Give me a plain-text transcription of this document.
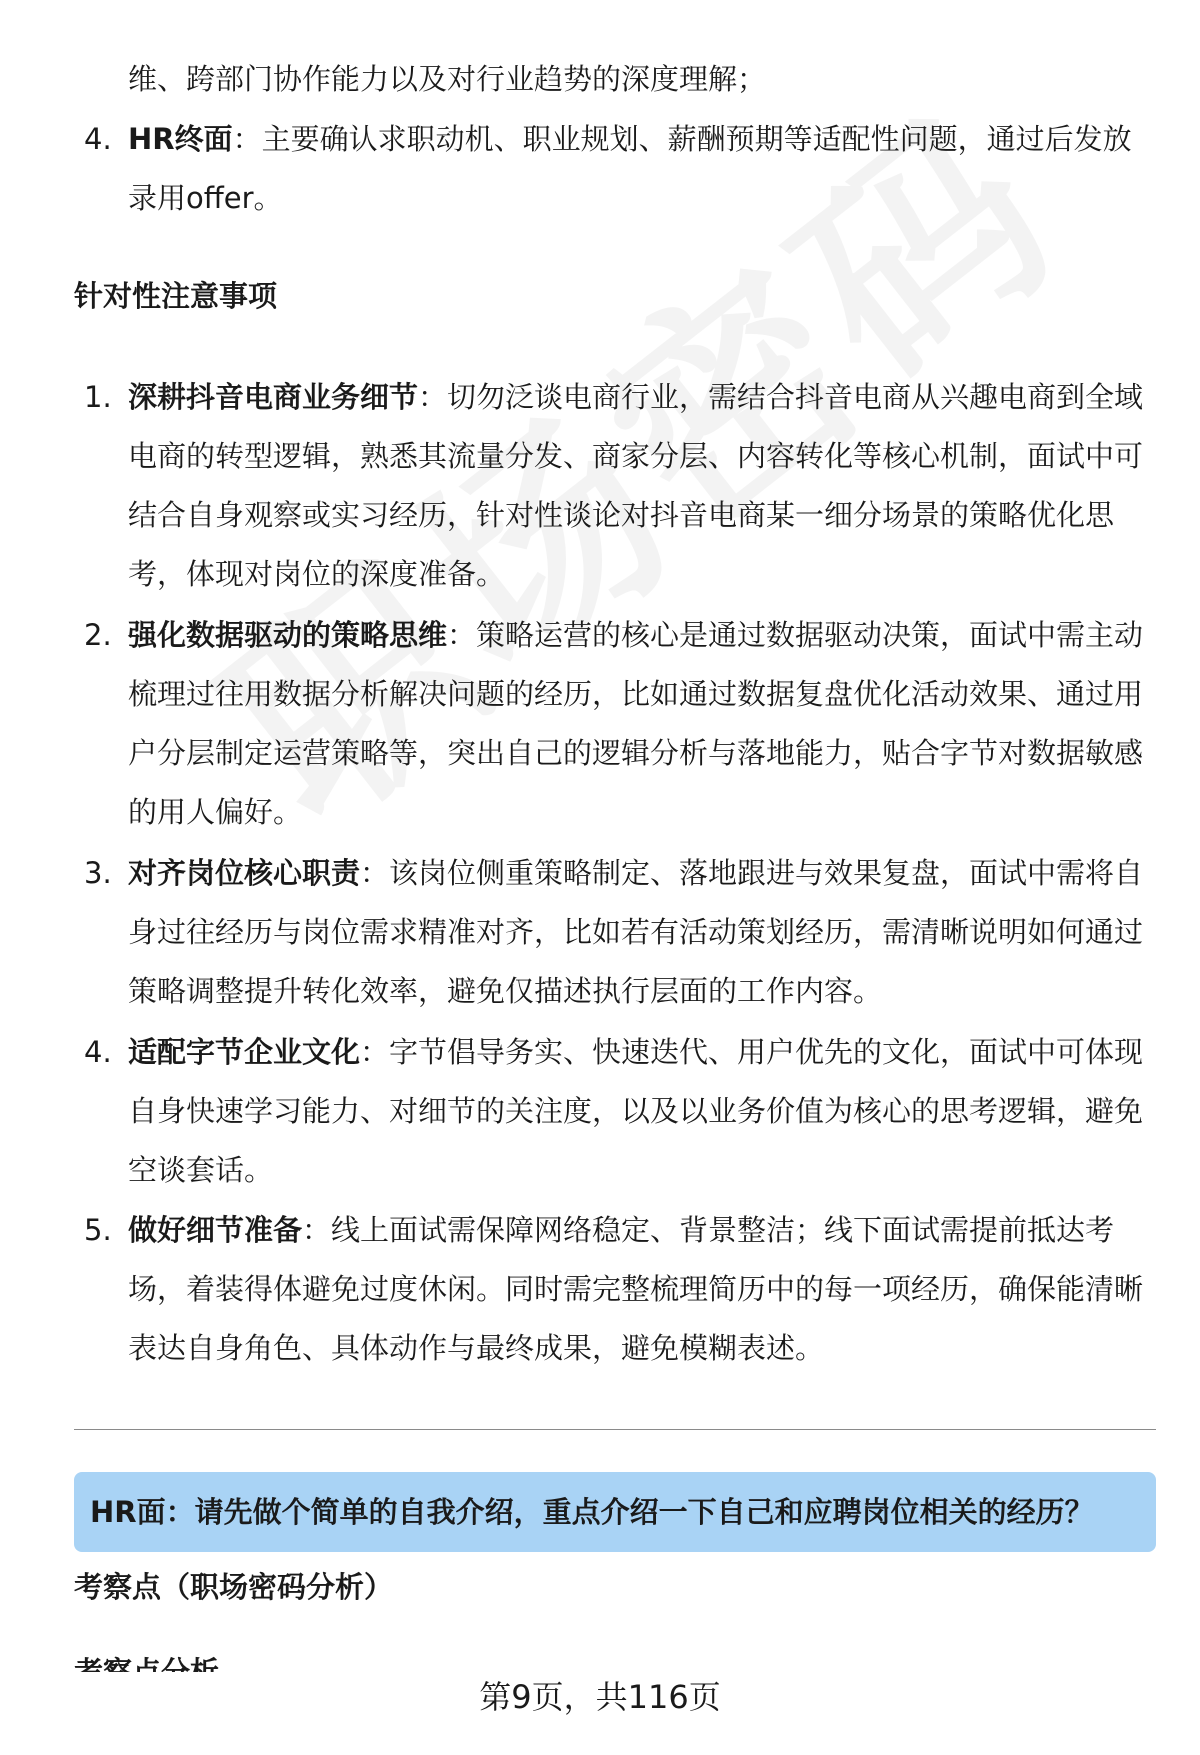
维、跨部门协作能力以及对行业趋势的深度理解；
4. HR终面：主要确认求职动机、职业规划、薪酬预期等适配性问题，通过后发放录用offer。
针对性注意事项
1. 深耕抖音电商业务细节：切勿泛谈电商行业，需结合抖音电商从兴趣电商到全域电商的转型逻辑，熟悉其流量分发、商家分层、内容转化等核心机制，面试中可结合自身观察或实习经历，针对性谈论对抖音电商某一细分场景的策略优化思考，体现对岗位的深度准备。
2. 强化数据驱动的策略思维：策略运营的核心是通过数据驱动决策，面试中需主动梳理过往用数据分析解决问题的经历，比如通过数据复盘优化活动效果、通过用户分层制定运营策略等，突出自己的逻辑分析与落地能力，贴合字节对数据敏感的用人偏好。
3. 对齐岗位核心职责：该岗位侧重策略制定、落地跟进与效果复盘，面试中需将自身过往经历与岗位需求精准对齐，比如若有活动策划经历，需清晰说明如何通过策略调整提升转化效率，避免仅描述执行层面的工作内容。
4. 适配字节企业文化：字节倡导务实、快速迭代、用户优先的文化，面试中可体现自身快速学习能力、对细节的关注度，以及以业务价值为核心的思考逻辑，避免空谈套话。
5. 做好细节准备：线上面试需保障网络稳定、背景整洁；线下面试需提前抵达考场，着装得体避免过度休闲。同时需完整梳理简历中的每一项经历，确保能清晰表达自身角色、具体动作与最终成果，避免模糊表述。
HR面：请先做个简单的自我介绍，重点介绍一下自己和应聘岗位相关的经历？
考察点（职场密码分析）
第9页，共116页
